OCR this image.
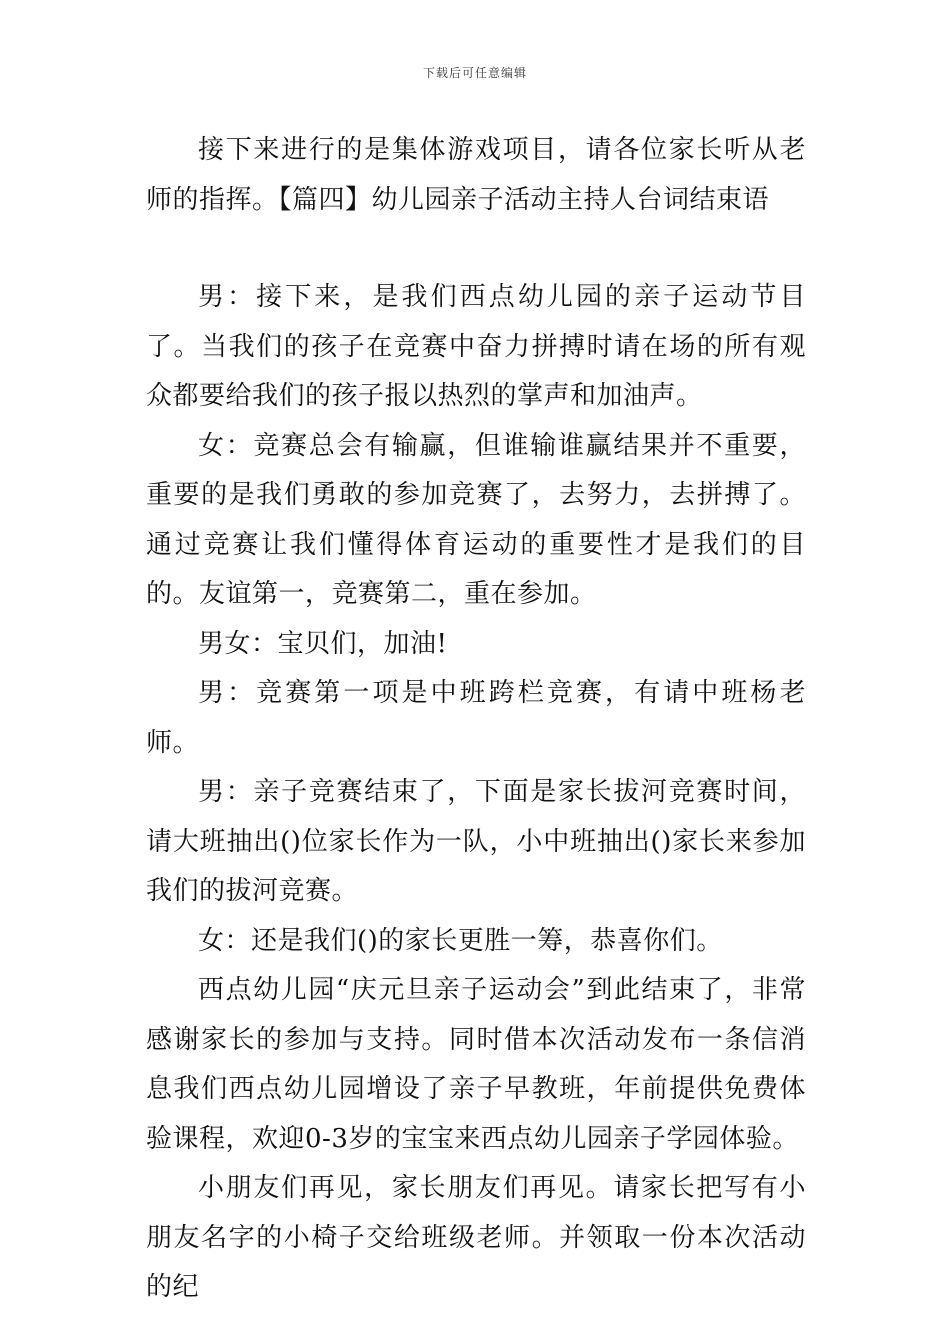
下载后可任意编辑

接下来进行的是集体游戏项目，请各位家长听从老师的指挥。【篇四】幼儿园亲子活动主持人台词结束语

男：接下来，是我们西点幼儿园的亲子运动节目了。当我们的孩子在竞赛中奋力拼搏时请在场的所有观众都要给我们的孩子报以热烈的掌声和加油声。

女：竞赛总会有输赢，但谁输谁赢结果并不重要，重要的是我们勇敢的参加竞赛了，去努力，去拼搏了。通过竞赛让我们懂得体育运动的重要性才是我们的目的。友谊第一，竞赛第二，重在参加。

男女：宝贝们，加油!

男：竞赛第一项是中班跨栏竞赛，有请中班杨老师。

男：亲子竞赛结束了，下面是家长拔河竞赛时间，请大班抽出()位家长作为一队，小中班抽出()家长来参加我们的拔河竞赛。

女：还是我们()的家长更胜一筹，恭喜你们。

西点幼儿园“庆元旦亲子运动会”到此结束了，非常感谢家长的参加与支持。同时借本次活动发布一条信消息我们西点幼儿园增设了亲子早教班，年前提供免费体验课程，欢迎0-3岁的宝宝来西点幼儿园亲子学园体验。

小朋友们再见，家长朋友们再见。请家长把写有小朋友名字的小椅子交给班级老师。并领取一份本次活动的纪
